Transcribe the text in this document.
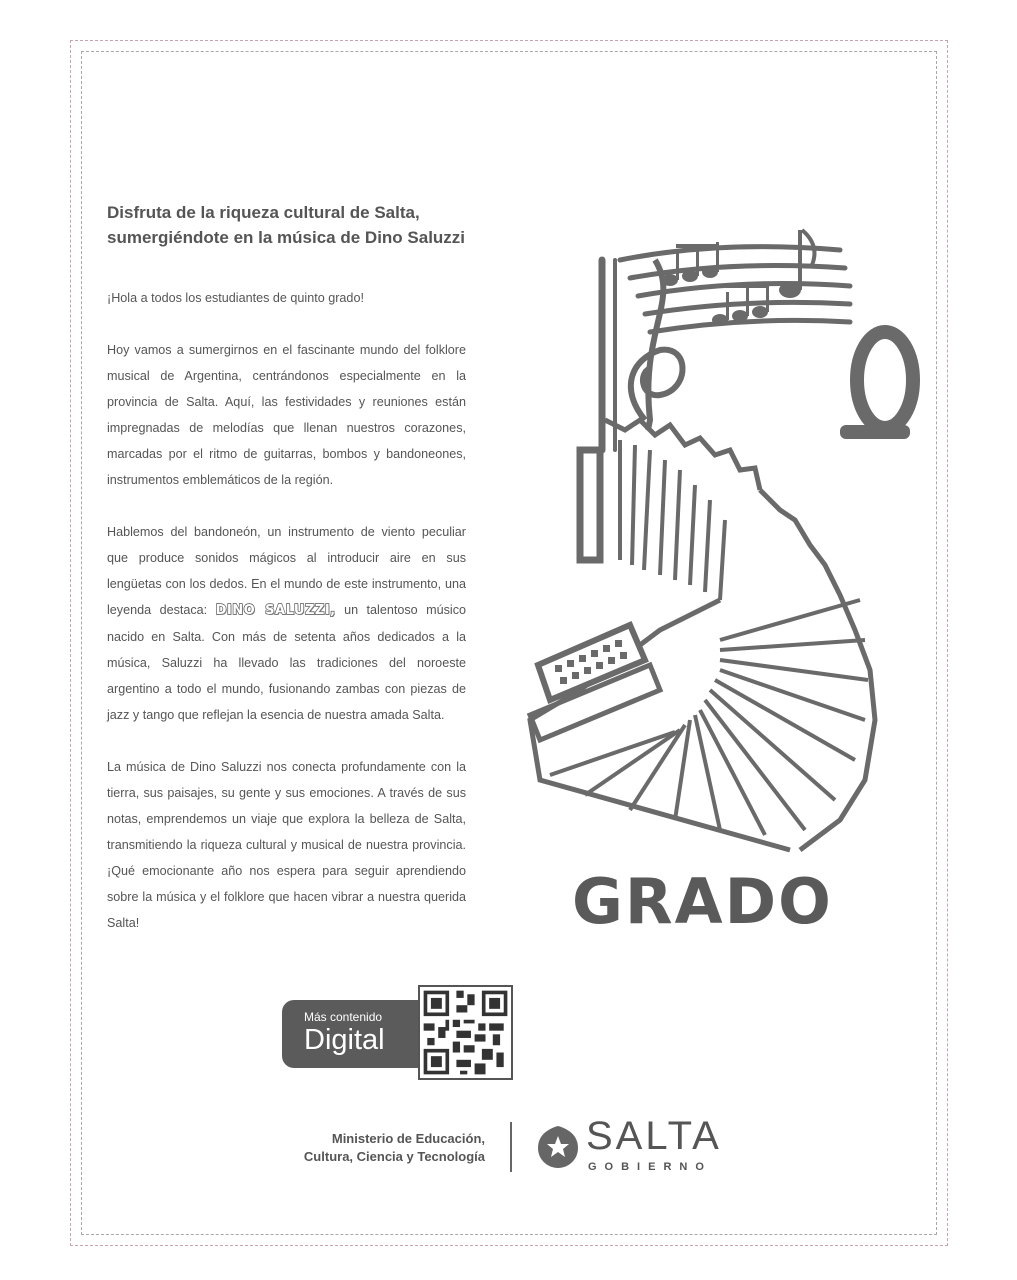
Disfruta de la riqueza cultural de Salta,
sumergiéndote en la música de Dino Saluzzi

¡Hola a todos los estudiantes de quinto grado!

Hoy vamos a sumergirnos en el fascinante mundo del folklore musical de Argentina, centrándonos especialmente en la provincia de Salta. Aquí, las festividades y reuniones están impregnadas de melodías que llenan nuestros corazones, marcadas por el ritmo de guitarras, bombos y bandoneones, instrumentos emblemáticos de la región.

Hablemos del bandoneón, un instrumento de viento peculiar que produce sonidos mágicos al introducir aire en sus lengüetas con los dedos. En el mundo de este instrumento, una leyenda destaca: DINO SALUZZI, un talentoso músico nacido en Salta. Con más de setenta años dedicados a la música, Saluzzi ha llevado las tradiciones del noroeste argentino a todo el mundo, fusionando zambas con piezas de jazz y tango que reflejan la esencia de nuestra amada Salta.

La música de Dino Saluzzi nos conecta profundamente con la tierra, sus paisajes, su gente y sus emociones. A través de sus notas, emprendemos un viaje que explora la belleza de Salta, transmitiendo la riqueza cultural y musical de nuestra provincia. ¡Qué emocionante año nos espera para seguir aprendiendo sobre la música y el folklore que hacen vibrar a nuestra querida Salta!	GRADO
Más contenido
Digital
Ministerio de Educación,
Cultura, Ciencia y Tecnología	SALTA
GOBIERNO
